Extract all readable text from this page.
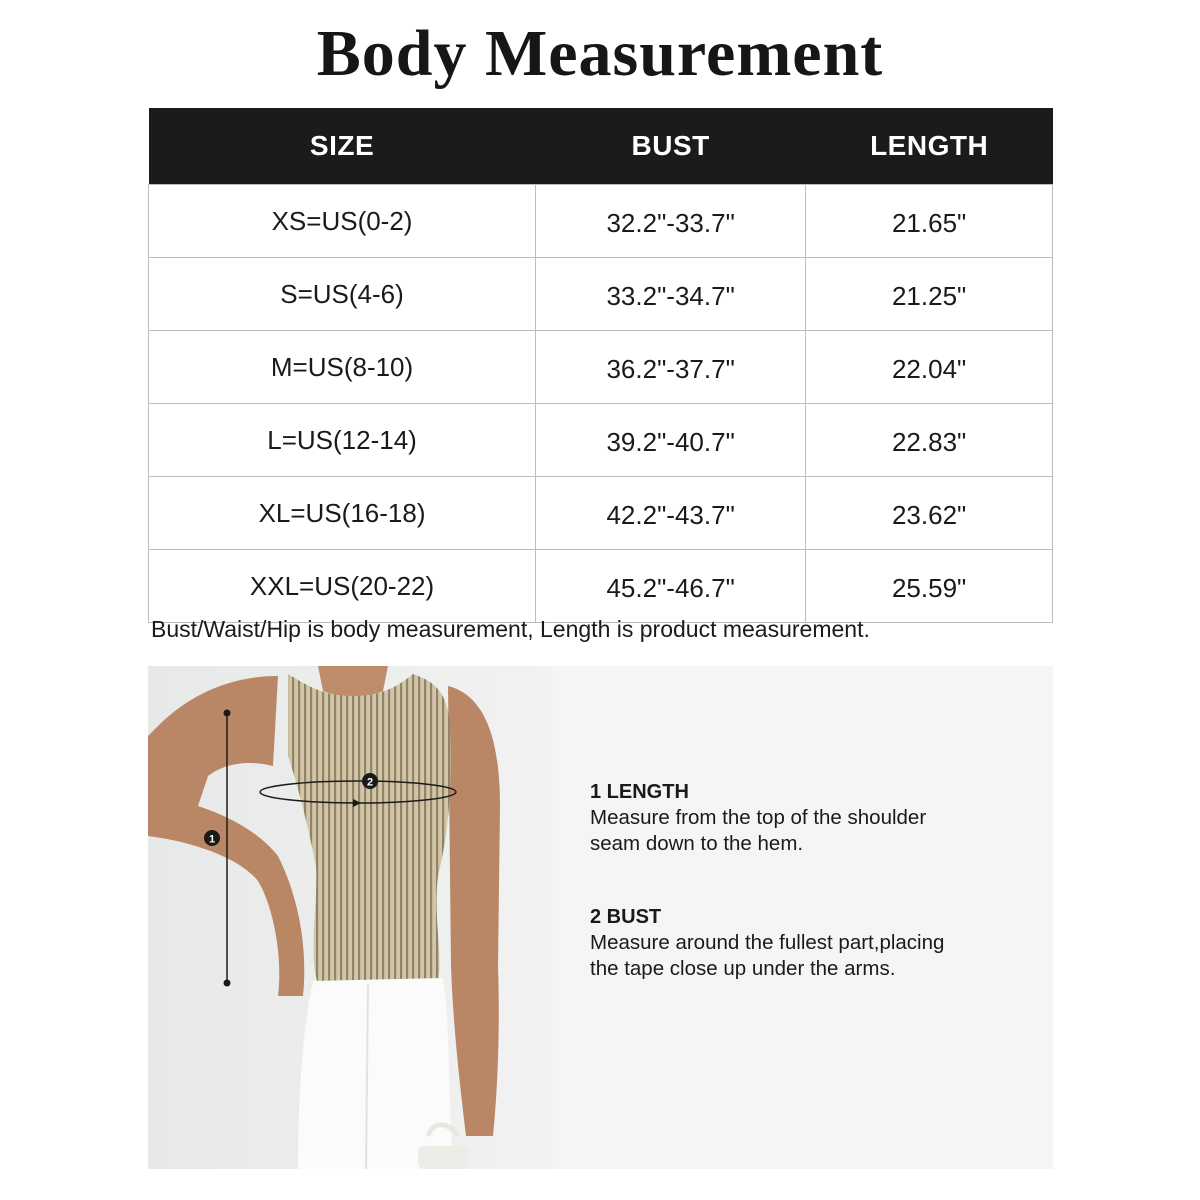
Body Measurement
SIZE	BUST	LENGTH
XS=US(0-2)	32.2"-33.7"	21.65"
S=US(4-6)	33.2"-34.7"	21.25"
M=US(8-10)	36.2"-37.7"	22.04"
L=US(12-14)	39.2"-40.7"	22.83"
XL=US(16-18)	42.2"-43.7"	23.62"
XXL=US(20-22)	45.2"-46.7"	25.59"
Bust/Waist/Hip is body measurement, Length is product measurement.
1
2	1 LENGTH
Measure from the top of the shoulder
seam down to the hem.
2 BUST
Measure around the fullest part,placing
the tape close up under the arms.
